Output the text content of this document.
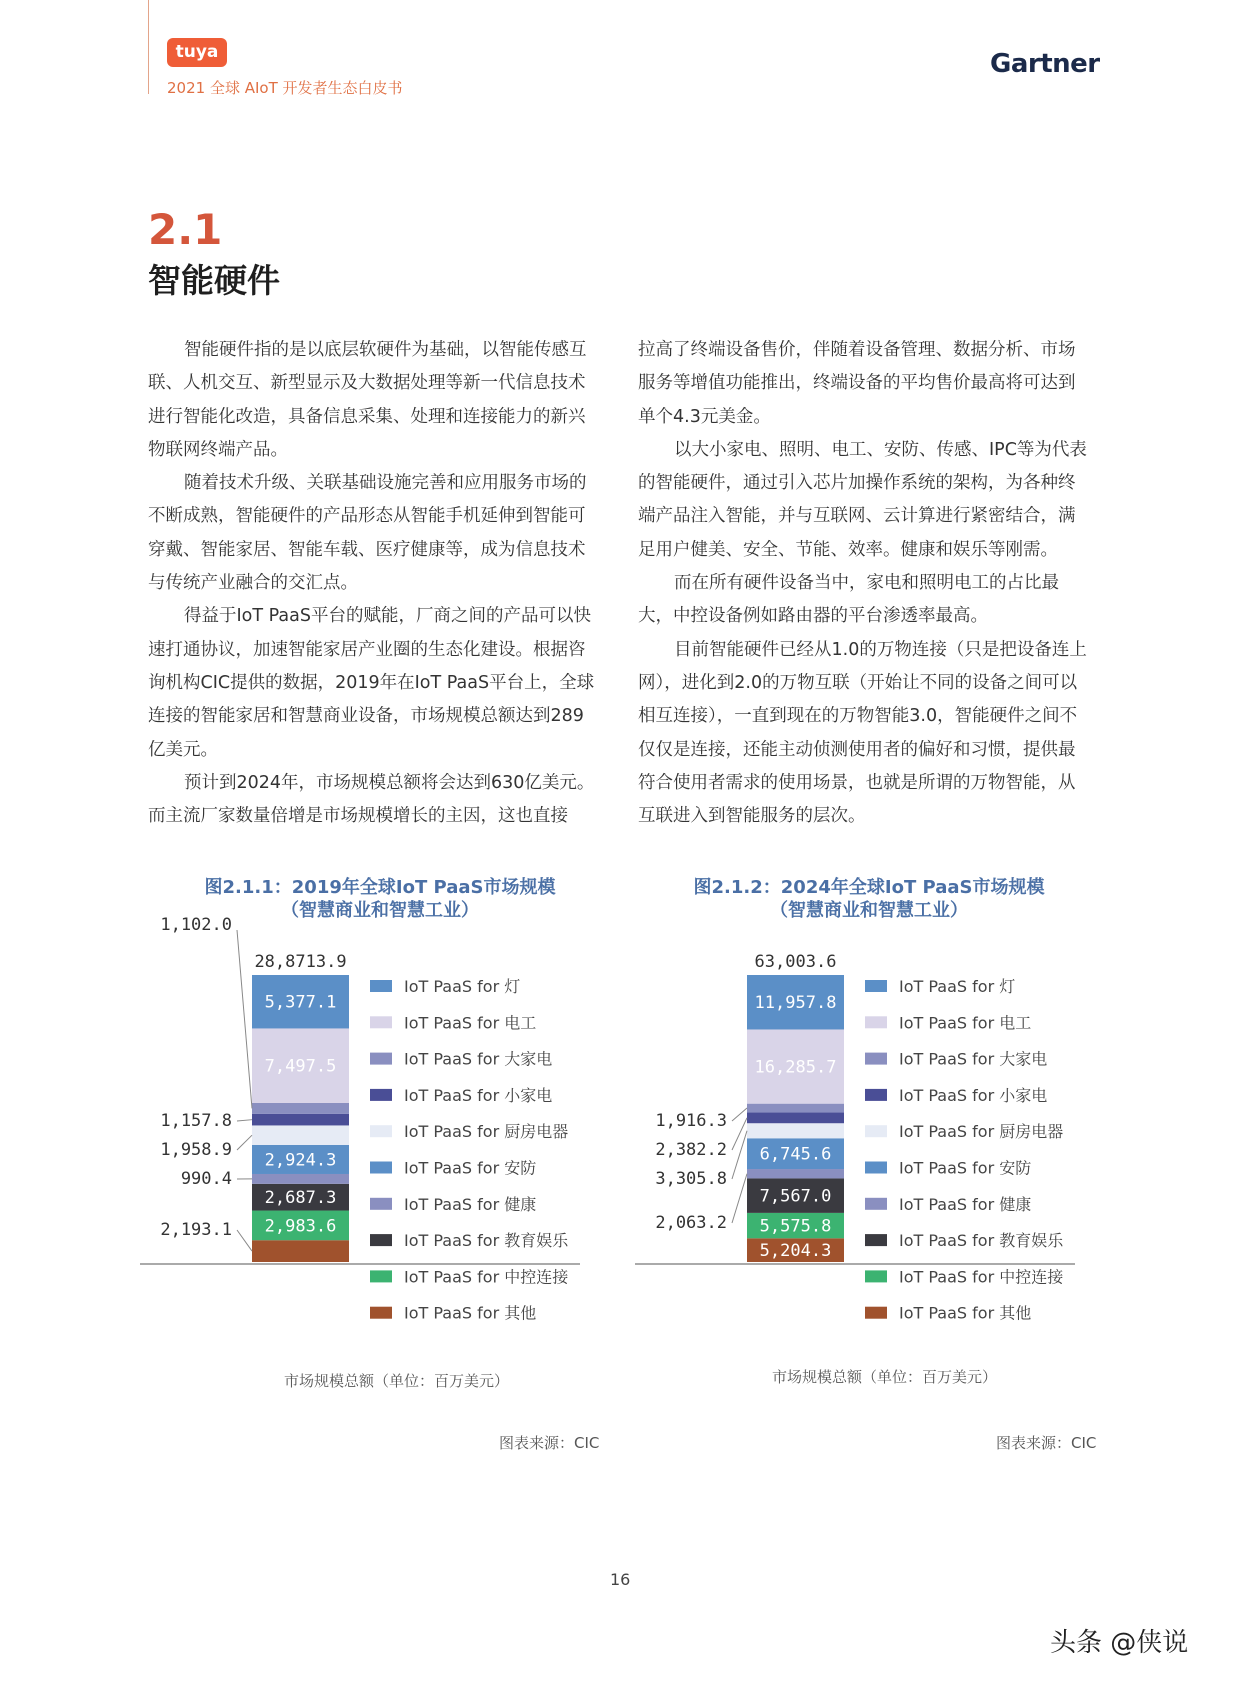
tuya
2021 全球 AIoT 开发者生态白皮书
Gartner
2.1
智能硬件

智能硬件指的是以底层软硬件为基础，以智能传感互联、人机交互、新型显示及大数据处理等新一代信息技术进行智能化改造，具备信息采集、处理和连接能力的新兴物联网终端产品。

随着技术升级、关联基础设施完善和应用服务市场的不断成熟，智能硬件的产品形态从智能手机延伸到智能可穿戴、智能家居、智能车载、医疗健康等，成为信息技术与传统产业融合的交汇点。

得益于IoT PaaS平台的赋能，厂商之间的产品可以快速打通协议，加速智能家居产业圈的生态化建设。根据咨询机构CIC提供的数据，2019年在IoT PaaS平台上，全球连接的智能家居和智慧商业设备，市场规模总额达到289亿美元。

预计到2024年，市场规模总额将会达到630亿美元。而主流厂家数量倍增是市场规模增长的主因，这也直接

拉高了终端设备售价，伴随着设备管理、数据分析、市场服务等增值功能推出，终端设备的平均售价最高将可达到单个4.3元美金。

以大小家电、照明、电工、安防、传感、IPC等为代表的智能硬件，通过引入芯片加操作系统的架构，为各种终端产品注入智能，并与互联网、云计算进行紧密结合，满足用户健美、安全、节能、效率。健康和娱乐等刚需。

而在所有硬件设备当中，家电和照明电工的占比最大，中控设备例如路由器的平台渗透率最高。

目前智能硬件已经从1.0的万物连接（只是把设备连上网），进化到2.0的万物互联（开始让不同的设备之间可以相互连接），一直到现在的万物智能3.0，智能硬件之间不仅仅是连接，还能主动侦测使用者的偏好和习惯，提供最符合使用者需求的使用场景，也就是所谓的万物智能，从互联进入到智能服务的层次。

图2.1.1：2019年全球IoT PaaS市场规模
（智慧商业和智慧工业）
28,8713.9
2,983.6
2,687.3
2,924.3
7,497.5
5,377.1
2,193.1
990.4
1,958.9
1,157.8
1,102.0
IoT PaaS for 灯
IoT PaaS for 电工
IoT PaaS for 大家电
IoT PaaS for 小家电
IoT PaaS for 厨房电器
IoT PaaS for 安防
IoT PaaS for 健康
IoT PaaS for 教育娱乐
IoT PaaS for 中控连接
IoT PaaS for 其他
市场规模总额（单位：百万美元）
图表来源：CIC
图2.1.2：2024年全球IoT PaaS市场规模
（智慧商业和智慧工业）
63,003.6
5,204.3
5,575.8
7,567.0
6,745.6
16,285.7
11,957.8
2,063.2
3,305.8
2,382.2
1,916.3
IoT PaaS for 灯
IoT PaaS for 电工
IoT PaaS for 大家电
IoT PaaS for 小家电
IoT PaaS for 厨房电器
IoT PaaS for 安防
IoT PaaS for 健康
IoT PaaS for 教育娱乐
IoT PaaS for 中控连接
IoT PaaS for 其他
市场规模总额（单位：百万美元）
图表来源：CIC
16
头条 @侠说
